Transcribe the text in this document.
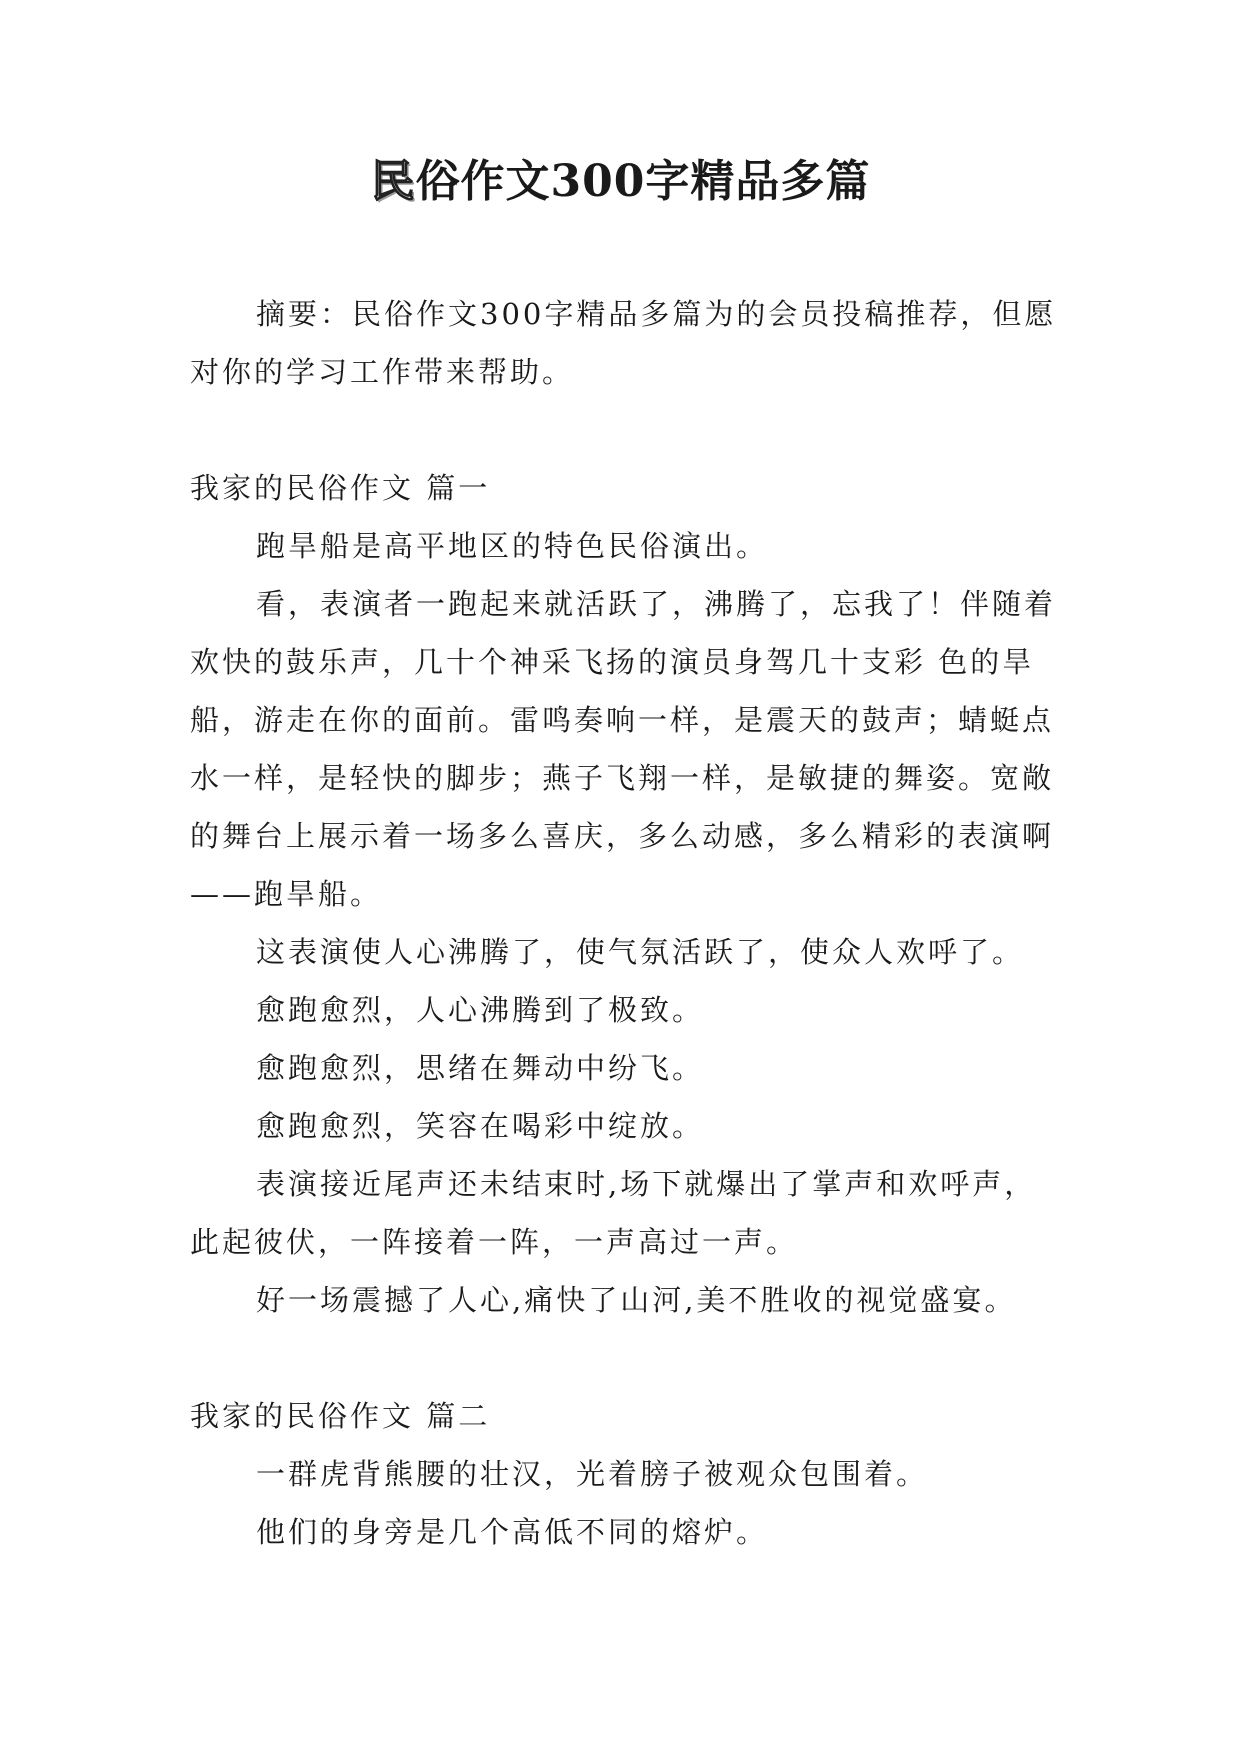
民俗作文300字精品多篇

摘要：民俗作文300字精品多篇为的会员投稿推荐，但愿对你的学习工作带来帮助。

我家的民俗作文 篇一

跑旱船是高平地区的特色民俗演出。

看，表演者一跑起来就活跃了，沸腾了，忘我了！伴随着欢快的鼓乐声，几十个神采飞扬的演员身驾几十支彩 色的旱船，游走在你的面前。雷鸣奏响一样，是震天的鼓声；蜻蜓点水一样，是轻快的脚步；燕子飞翔一样，是敏捷的舞姿。宽敞的舞台上展示着一场多么喜庆，多么动感，多么精彩的表演啊——跑旱船。

这表演使人心沸腾了，使气氛活跃了，使众人欢呼了。

愈跑愈烈，人心沸腾到了极致。

愈跑愈烈，思绪在舞动中纷飞。

愈跑愈烈，笑容在喝彩中绽放。

表演接近尾声还未结束时,场下就爆出了掌声和欢呼声，此起彼伏，一阵接着一阵，一声高过一声。

好一场震撼了人心,痛快了山河,美不胜收的视觉盛宴。

我家的民俗作文 篇二

一群虎背熊腰的壮汉，光着膀子被观众包围着。

他们的身旁是几个高低不同的熔炉。
